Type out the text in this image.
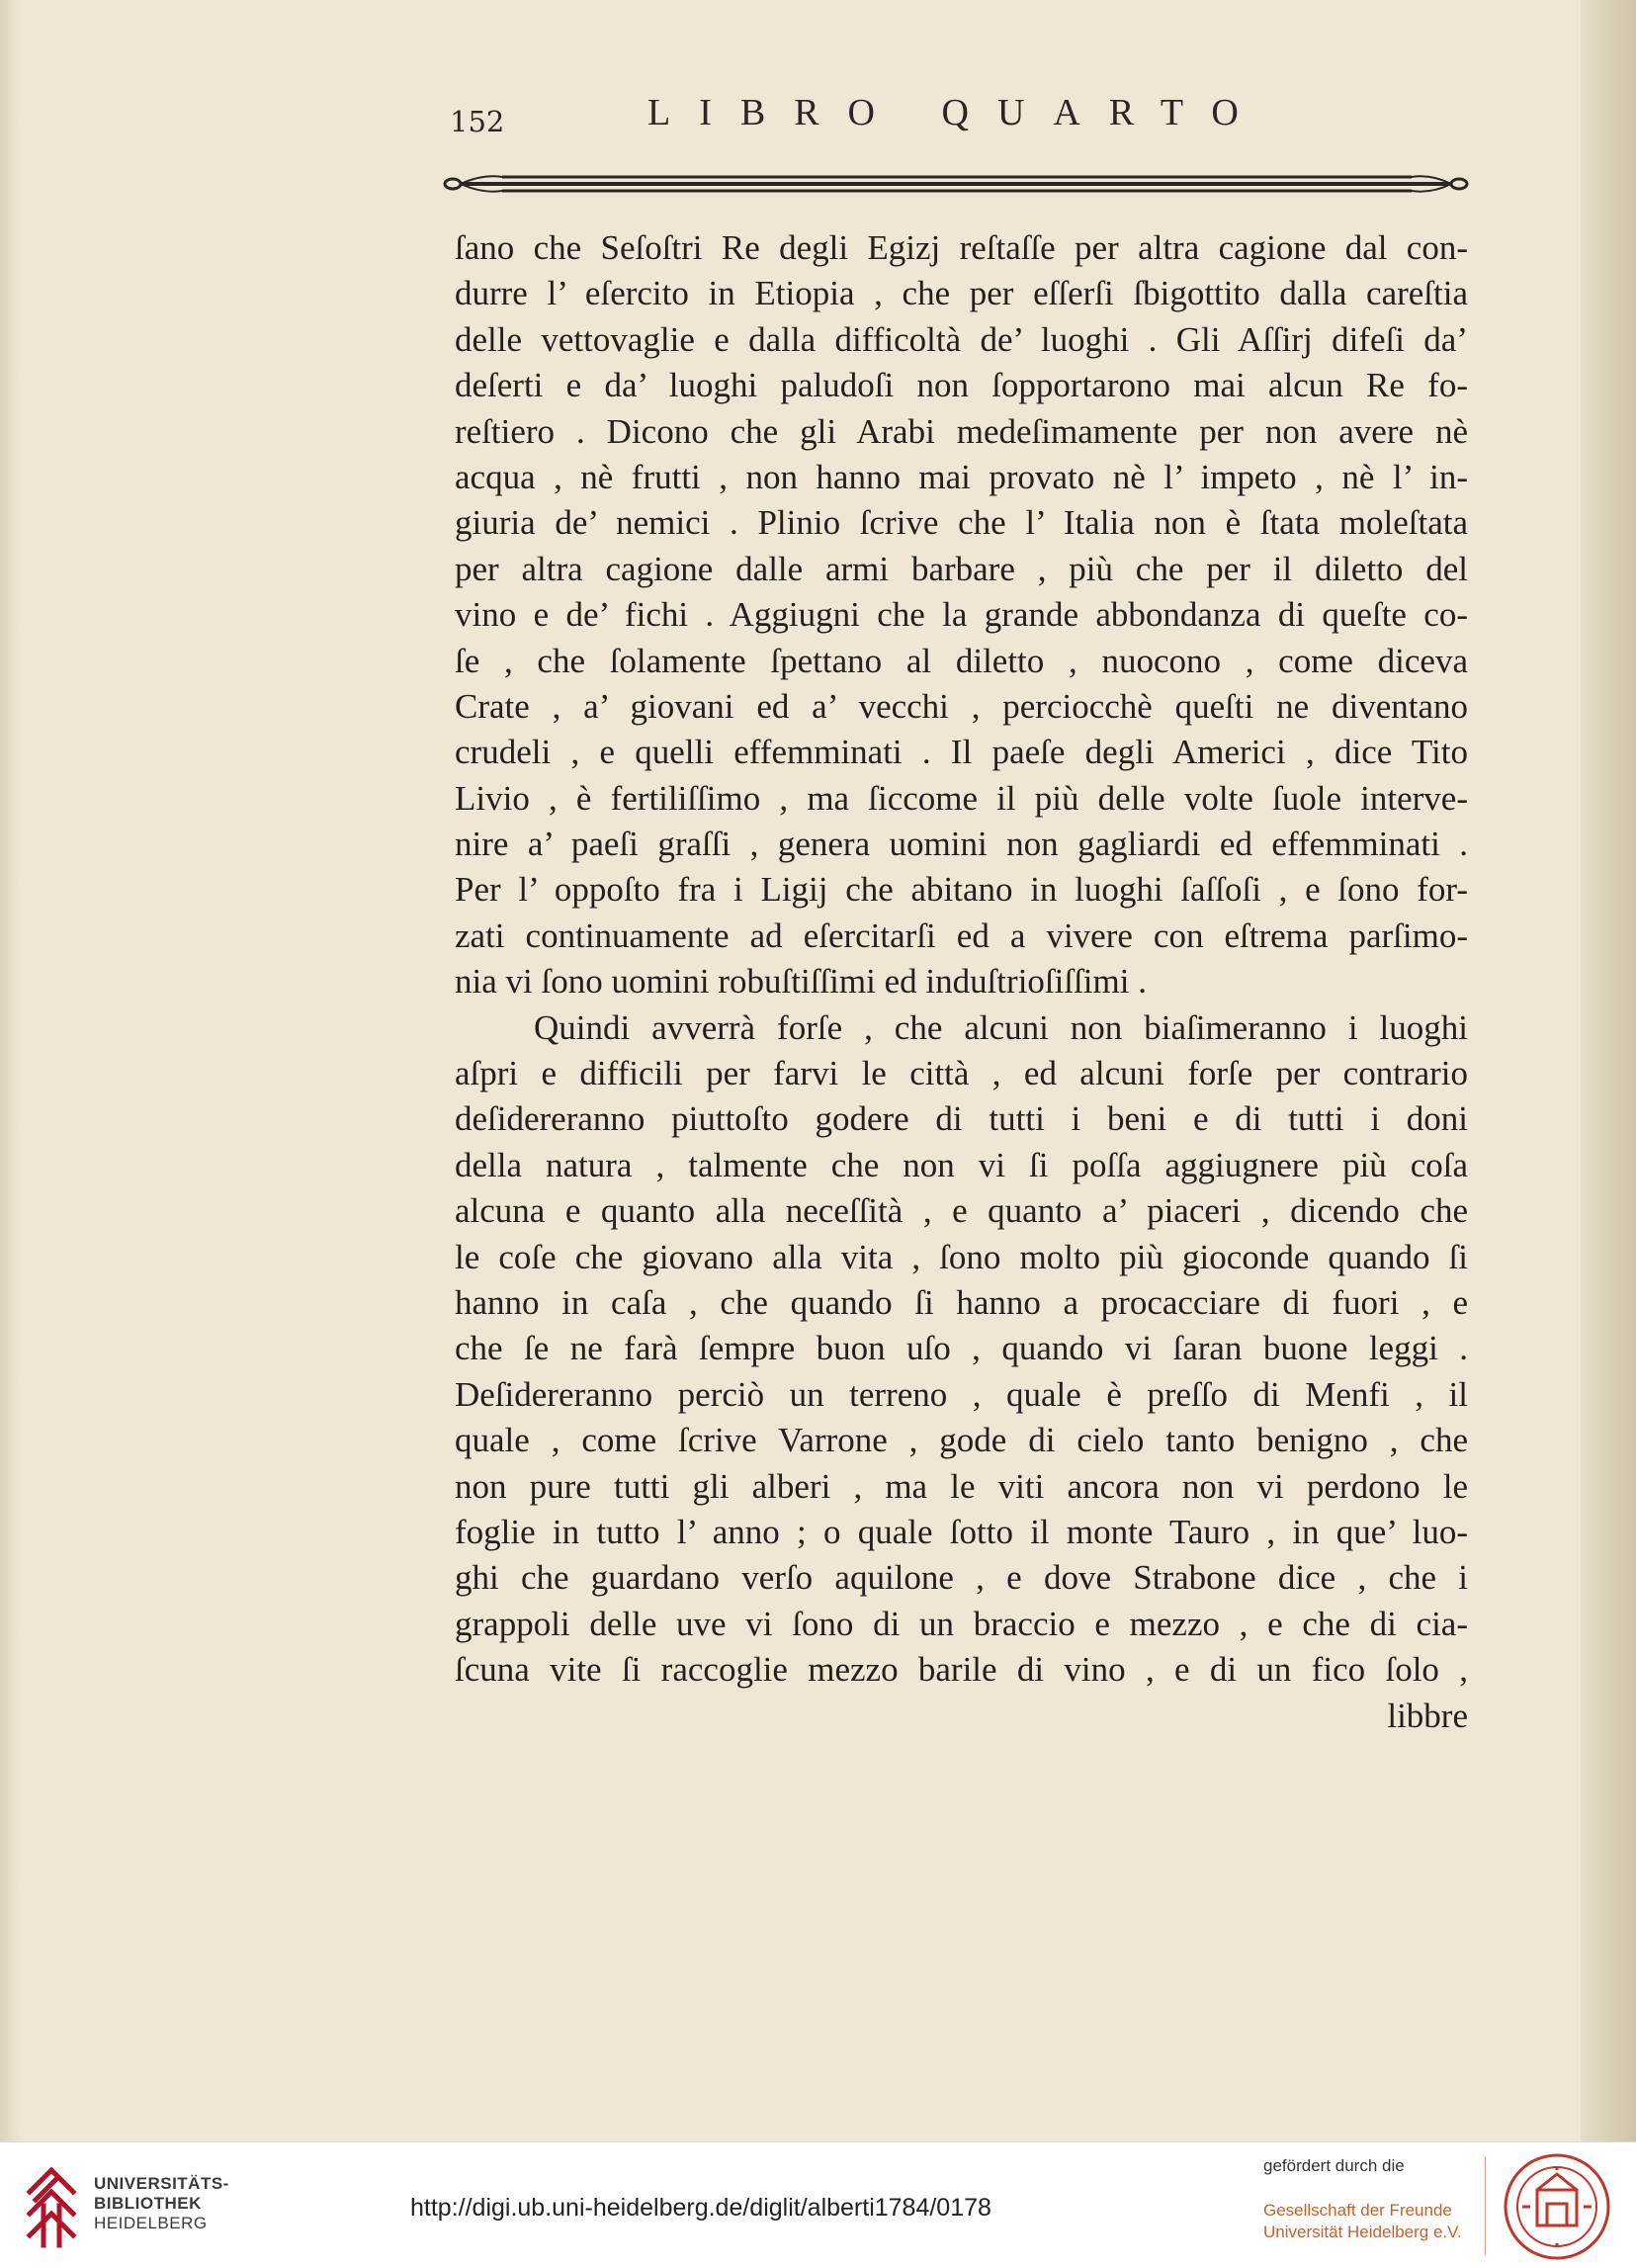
152	LIBRO QUARTO
ſano che Seſoſtri Re degli Egizj reſtaſſe per altra cagione dal con-
durre l’ eſercito in Etiopia , che per eſſerſi ſbigottito dalla careſtia
delle vettovaglie e dalla difficoltà de’ luoghi . Gli Aſſirj difeſi da’
deſerti e da’ luoghi paludoſi non ſopportarono mai alcun Re fo-
reſtiero . Dicono che gli Arabi medeſimamente per non avere nè
acqua , nè frutti , non hanno mai provato nè l’ impeto , nè l’ in-
giuria de’ nemici . Plinio ſcrive che l’ Italia non è ſtata moleſtata
per altra cagione dalle armi barbare , più che per il diletto del
vino e de’ fichi . Aggiugni che la grande abbondanza di queſte co-
ſe , che ſolamente ſpettano al diletto , nuocono , come diceva
Crate , a’ giovani ed a’ vecchi , perciocchè queſti ne diventano
crudeli , e quelli effemminati . Il paeſe degli Americi , dice Tito
Livio , è fertiliſſimo , ma ſiccome il più delle volte ſuole interve-
nire a’ paeſi graſſi , genera uomini non gagliardi ed effemminati .
Per l’ oppoſto fra i Ligij che abitano in luoghi ſaſſoſi , e ſono for-
zati continuamente ad eſercitarſi ed a vivere con eſtrema parſimo-
nia vi ſono uomini robuſtiſſimi ed induſtrioſiſſimi .
Quindi avverrà forſe , che alcuni non biaſimeranno i luoghi
aſpri e difficili per farvi le città , ed alcuni forſe per contrario
deſidereranno piuttoſto godere di tutti i beni e di tutti i doni
della natura , talmente che non vi ſi poſſa aggiugnere più coſa
alcuna e quanto alla neceſſità , e quanto a’ piaceri , dicendo che
le coſe che giovano alla vita , ſono molto più gioconde quando ſi
hanno in caſa , che quando ſi hanno a procacciare di fuori , e
che ſe ne farà ſempre buon uſo , quando vi ſaran buone leggi .
Deſidereranno perciò un terreno , quale è preſſo di Menfi , il
quale , come ſcrive Varrone , gode di cielo tanto benigno , che
non pure tutti gli alberi , ma le viti ancora non vi perdono le
foglie in tutto l’ anno ; o quale ſotto il monte Tauro , in que’ luo-
ghi che guardano verſo aquilone , e dove Strabone dice , che i
grappoli delle uve vi ſono di un braccio e mezzo , e che di cia-
ſcuna vite ſi raccoglie mezzo barile di vino , e di un fico ſolo ,
libbre
UNIVERSITÄTS-
BIBLIOTHEK
HEIDELBERG
http://digi.ub.uni-heidelberg.de/diglit/alberti1784/0178
gefördert durch die
Gesellschaft der Freunde
Universität Heidelberg e.V.
